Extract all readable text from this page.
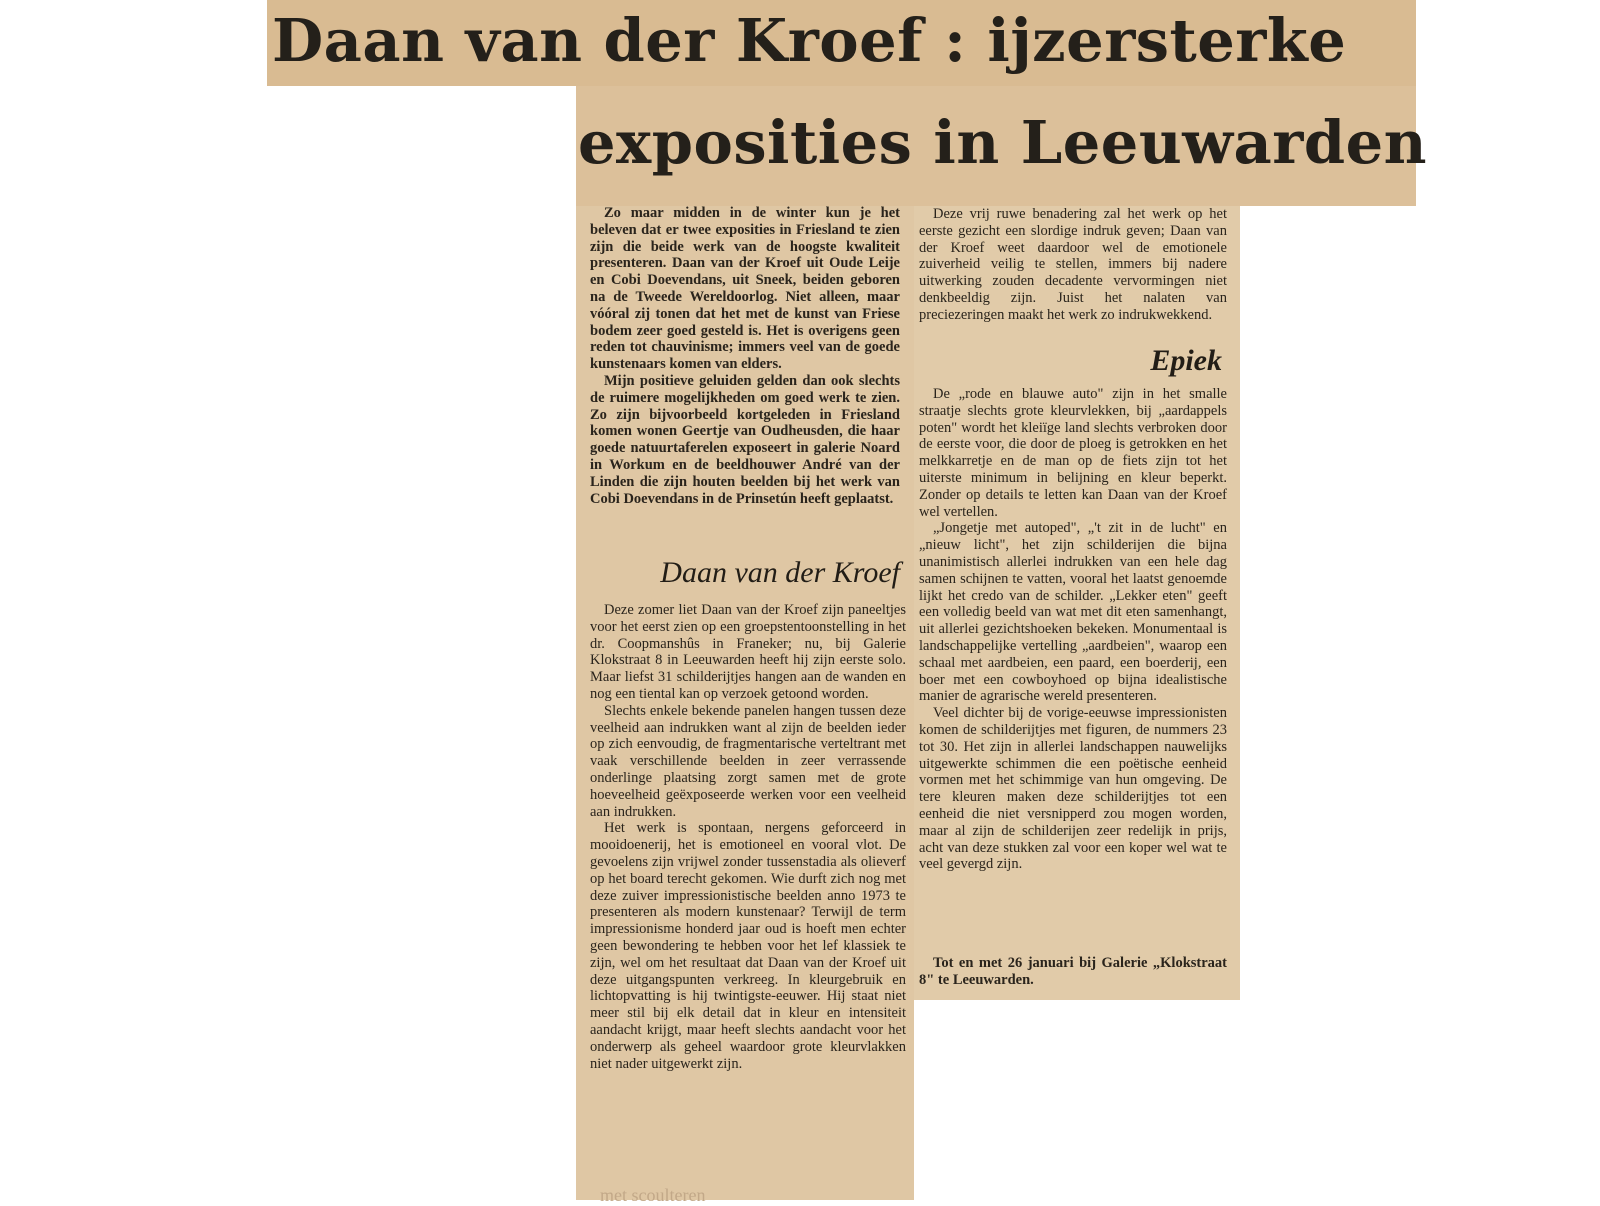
Daan van der Kroef : ijzersterke
exposities in Leeuwarden

Zo maar midden in de winter kun je het beleven dat er twee exposities in Friesland te zien zijn die beide werk van de hoogste kwaliteit presenteren. Daan van der Kroef uit Oude Leije en Cobi Doevendans, uit Sneek, beiden geboren na de Tweede Wereldoorlog. Niet alleen, maar vóóral zij tonen dat het met de kunst van Friese bodem zeer goed gesteld is. Het is overigens geen reden tot chauvinisme; immers veel van de goede kunstenaars komen van elders.

Mijn positieve geluiden gelden dan ook slechts de ruimere mogelijkheden om goed werk te zien. Zo zijn bijvoorbeeld kortgeleden in Friesland komen wonen Geertje van Oudheusden, die haar goede natuurtaferelen exposeert in galerie Noard in Workum en de beeldhouwer André van der Linden die zijn houten beelden bij het werk van Cobi Doevendans in de Prinsetún heeft geplaatst.

Daan van der Kroef

Deze zomer liet Daan van der Kroef zijn paneeltjes voor het eerst zien op een groepstentoonstelling in het dr. Coopmanshûs in Franeker; nu, bij Galerie Klokstraat 8 in Leeuwarden heeft hij zijn eerste solo. Maar liefst 31 schilderijtjes hangen aan de wanden en nog een tiental kan op verzoek getoond worden.

Slechts enkele bekende panelen hangen tussen deze veelheid aan indrukken want al zijn de beelden ieder op zich eenvoudig, de fragmentarische verteltrant met vaak verschillende beelden in zeer verrassende onderlinge plaatsing zorgt samen met de grote hoeveelheid geëxposeerde werken voor een veelheid aan indrukken.

Het werk is spontaan, nergens geforceerd in mooidoenerij, het is emotioneel en vooral vlot. De gevoelens zijn vrijwel zonder tussenstadia als olieverf op het board terecht gekomen. Wie durft zich nog met deze zuiver impressionistische beelden anno 1973 te presenteren als modern kunstenaar? Terwijl de term impressionisme honderd jaar oud is hoeft men echter geen bewondering te hebben voor het lef klassiek te zijn, wel om het resultaat dat Daan van der Kroef uit deze uitgangspunten verkreeg. In kleurgebruik en lichtopvatting is hij twintigste-eeuwer. Hij staat niet meer stil bij elk detail dat in kleur en intensiteit aandacht krijgt, maar heeft slechts aandacht voor het onderwerp als geheel waardoor grote kleurvlakken niet nader uitgewerkt zijn.

met scoulteren

Deze vrij ruwe benadering zal het werk op het eerste gezicht een slordige indruk geven; Daan van der Kroef weet daardoor wel de emotionele zuiverheid veilig te stellen, immers bij nadere uitwerking zouden decadente vervormingen niet denkbeeldig zijn. Juist het nalaten van preciezeringen maakt het werk zo indrukwekkend.

Epiek

De „rode en blauwe auto" zijn in het smalle straatje slechts grote kleurvlekken, bij „aardappels poten" wordt het kleiïge land slechts verbroken door de eerste voor, die door de ploeg is getrokken en het melkkarretje en de man op de fiets zijn tot het uiterste minimum in belijning en kleur beperkt. Zonder op details te letten kan Daan van der Kroef wel vertellen.

„Jongetje met autoped", „'t zit in de lucht" en „nieuw licht", het zijn schilderijen die bijna unanimistisch allerlei indrukken van een hele dag samen schijnen te vatten, vooral het laatst genoemde lijkt het credo van de schilder. „Lekker eten" geeft een volledig beeld van wat met dit eten samenhangt, uit allerlei gezichtshoeken bekeken. Monumentaal is landschappelijke vertelling „aardbeien", waarop een schaal met aardbeien, een paard, een boerderij, een boer met een cowboyhoed op bijna idealistische manier de agrarische wereld presenteren.

Veel dichter bij de vorige-eeuwse impressionisten komen de schilderijtjes met figuren, de nummers 23 tot 30. Het zijn in allerlei landschappen nauwelijks uitgewerkte schimmen die een poëtische eenheid vormen met het schimmige van hun omgeving. De tere kleuren maken deze schilderijtjes tot een eenheid die niet versnipperd zou mogen worden, maar al zijn de schilderijen zeer redelijk in prijs, acht van deze stukken zal voor een koper wel wat te veel gevergd zijn.

Tot en met 26 januari bij Galerie „Klokstraat 8" te Leeuwarden.
